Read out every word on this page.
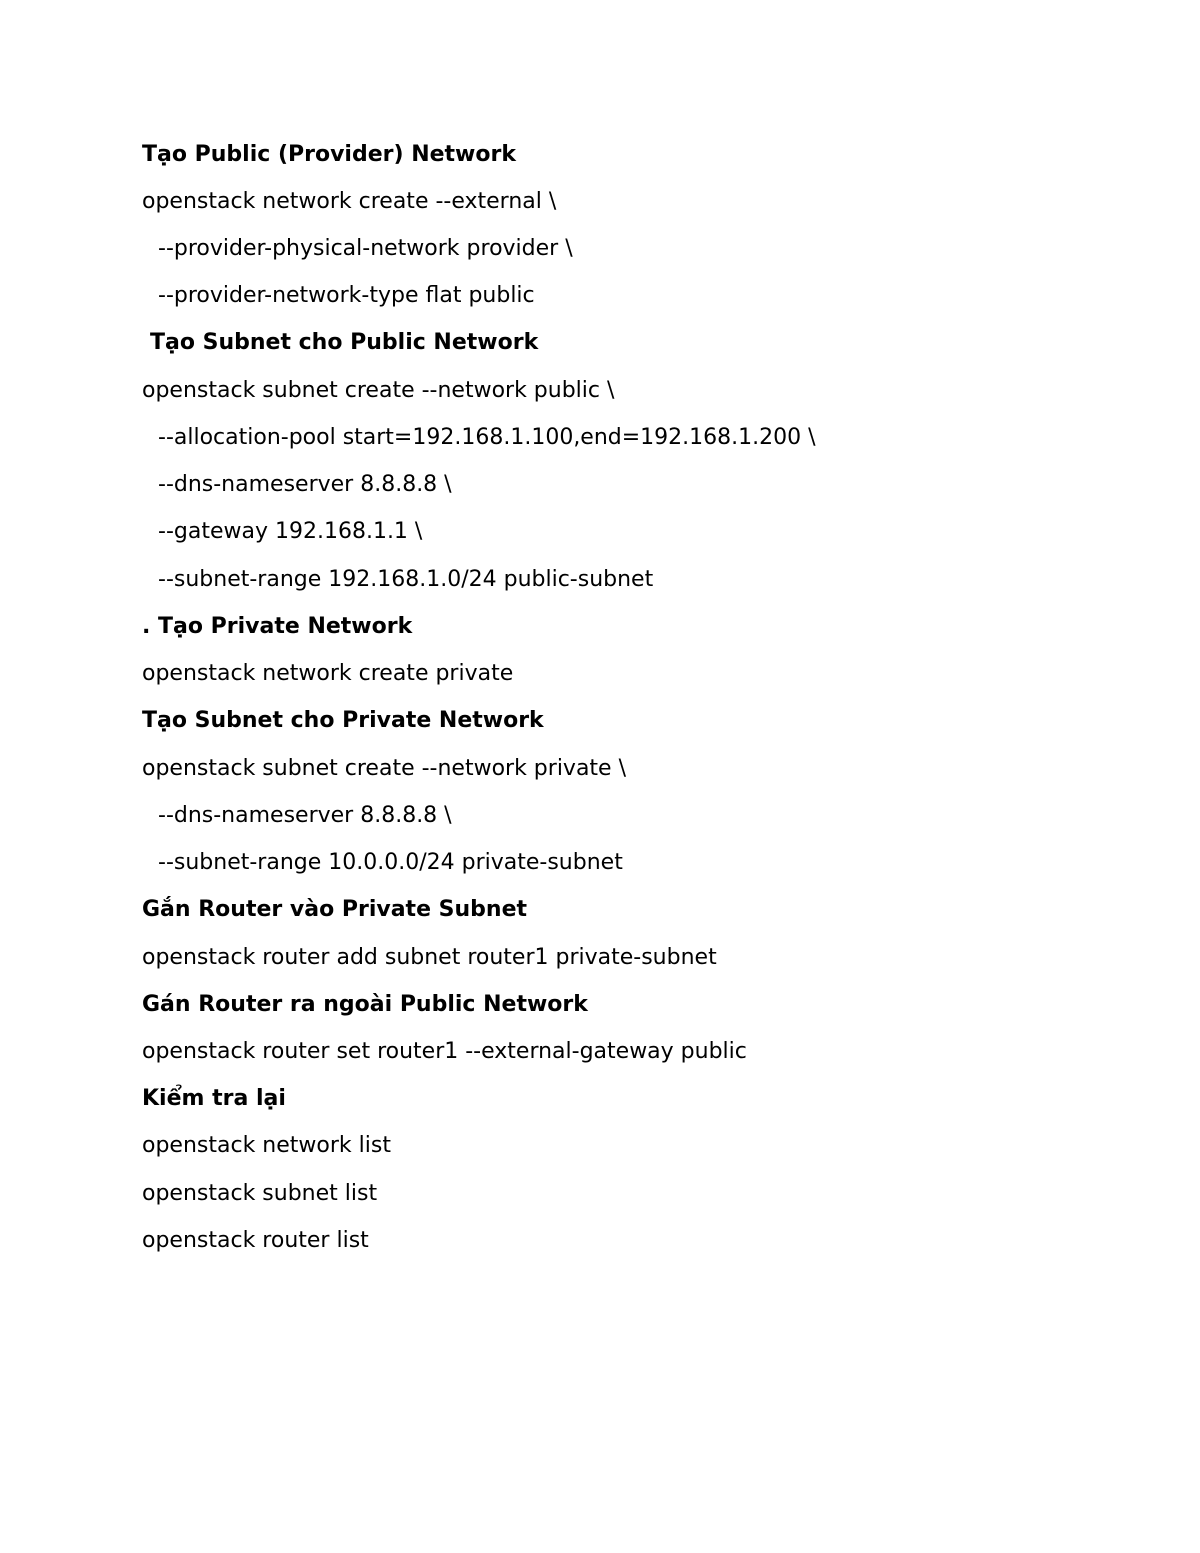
Tạo Public (Provider) Network

openstack network create --external \

--provider-physical-network provider \

--provider-network-type flat public

Tạo Subnet cho Public Network

openstack subnet create --network public \

--allocation-pool start=192.168.1.100,end=192.168.1.200 \

--dns-nameserver 8.8.8.8 \

--gateway 192.168.1.1 \

--subnet-range 192.168.1.0/24 public-subnet

. Tạo Private Network

openstack network create private

Tạo Subnet cho Private Network

openstack subnet create --network private \

--dns-nameserver 8.8.8.8 \

--subnet-range 10.0.0.0/24 private-subnet

Gắn Router vào Private Subnet

openstack router add subnet router1 private-subnet

Gán Router ra ngoài Public Network

openstack router set router1 --external-gateway public

Kiểm tra lại

openstack network list

openstack subnet list

openstack router list
